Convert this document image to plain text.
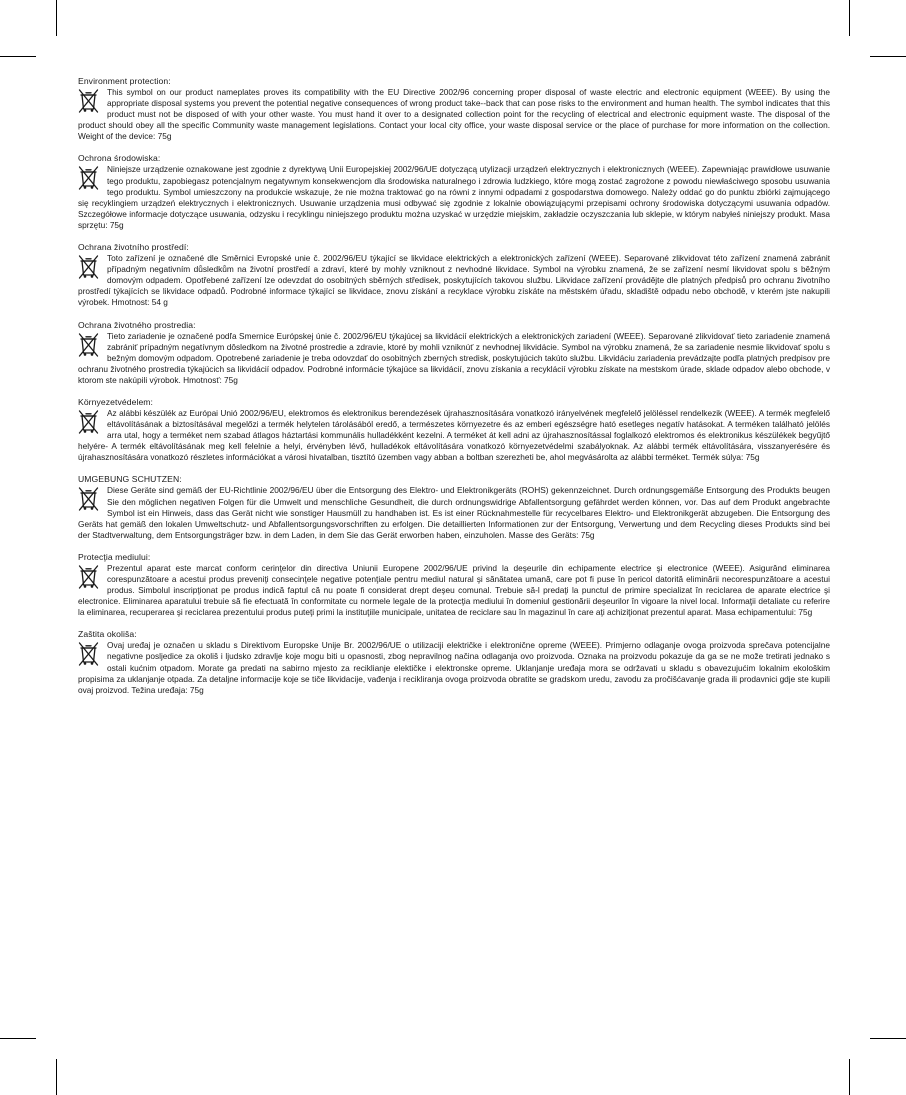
Environment protection:

This symbol on our product nameplates proves its compatibility with the EU Directive 2002/96 concerning proper disposal of waste electric and electronic equipment (WEEE). By using the appropriate disposal systems you prevent the potential negative consequences of wrong product take--back that can pose risks to the environment and human health. The symbol indicates that this product must not be disposed of with your other waste. You must hand it over to a designated collection point for the recycling of electrical and electronic equipment waste. The disposal of the product should obey all the specific Community waste management legislations. Contact your local city office, your waste disposal service or the place of purchase for more information on the collection. Weight of the device: 75g

Ochrona środowiska:

Niniejsze urządzenie oznakowane jest zgodnie z dyrektywą Unii Europejskiej 2002/96/UE dotyczącą utylizacji urządzeń elektrycznych i elektronicznych (WEEE). Zapewniając prawidłowe usuwanie tego produktu, zapobiegasz potencjalnym negatywnym konsekwencjom dla środowiska naturalnego i zdrowia ludzkiego, które mogą zostać zagrożone z powodu niewłaściwego sposobu usuwania tego produktu. Symbol umieszczony na produkcie wskazuje, że nie można traktować go na równi z innymi odpadami z gospodarstwa domowego. Należy oddać go do punktu zbiórki zajmującego się recyklingiem urządzeń elektrycznych i elektronicznych. Usuwanie urządzenia musi odbywać się zgodnie z lokalnie obowiązującymi przepisami ochrony środowiska dotyczącymi usuwania odpadów. Szczegółowe informacje dotyczące usuwania, odzysku i recyklingu niniejszego produktu można uzyskać w urzędzie miejskim, zakładzie oczyszczania lub sklepie, w którym nabyłeś niniejszy produkt. Masa sprzętu: 75g

Ochrana životního prostředí:

Toto zařízení je označené dle Směrnici Evropské unie č. 2002/96/EU týkající se likvidace elektrických a elektronických zařízení (WEEE). Separované zlikvidovat této zařízení znamená zabránit případným negativním důsledkům na životní prostředí a zdraví, které by mohly vzniknout z nevhodné likvidace. Symbol na výrobku znamená, že se zařízení nesmí likvidovat spolu s běžným domovým odpadem. Opotřebené zařízení lze odevzdat do osobitných sběrných středisek, poskytujících takovou službu. Likvidace zařízení provádějte dle platných předpisů pro ochranu životního prostředí týkajících se likvidace odpadů. Podrobné informace týkající se likvidace, znovu získání a recyklace výrobku získáte na městském úřadu, skladiště odpadu nebo obchodě, v kterém jste nakupili výrobek. Hmotnost: 54 g

Ochrana životného prostredia:

Tieto zariadenie je označené podľa Smernice Európskej únie č. 2002/96/EU týkajúcej sa likvidácií elektrických a elektronických zariadení (WEEE). Separované zlikvidovať tieto zariadenie znamená zabrániť prípadným negatívnym dôsledkom na životné prostredie a zdravie, ktoré by mohli vzniknúť z nevhodnej likvidácie. Symbol na výrobku znamená, že sa zariadenie nesmie likvidovať spolu s bežným domovým odpadom. Opotrebené zariadenie je treba odovzdať do osobitných zberných stredisk, poskytujúcich takúto službu. Likvidáciu zariadenia prevádzajte podľa platných predpisov pre ochranu životného prostredia týkajúcich sa likvidácií odpadov. Podrobné informácie týkajúce sa likvidácií, znovu získania a recyklácií výrobku získate na mestskom úrade, sklade odpadov alebo obchode, v ktorom ste nakúpili výrobok. Hmotnosť: 75g

Környezetvédelem:

Az alábbi készülék az Európai Unió 2002/96/EU, elektromos és elektronikus berendezések újrahasznosítására vonatkozó irányelvének megfelelő jelöléssel rendelkezik (WEEE). A termék megfelelő eltávolításának a biztosításával megelőzi a termék helytelen tárolásából eredő, a természetes környezetre és az emberi egészségre ható esetleges negatív hatásokat. A terméken található jelölés arra utal, hogy a terméket nem szabad átlagos háztartási kommunális hulladékként kezelni. A terméket át kell adni az újrahasznosítással foglalkozó elektromos és elektronikus készülékek begyűjtő helyére- A termék eltávolításának meg kell felelnie a helyi, érvényben lévő, hulladékok eltávolítására vonatkozó környezetvédelmi szabályoknak. Az alábbi termék eltávolítására, visszanyerésére és újrahasznosítására vonatkozó részletes információkat a városi hivatalban, tisztító üzemben vagy abban a boltban szerezheti be, ahol megvásárolta az alábbi terméket. Termék súlya: 75g

UMGEBUNG SCHUTZEN:

Diese Geräte sind gemäß der EU-Richtlinie 2002/96/EU über die Entsorgung des Elektro- und Elektronikgeräts (ROHS) gekennzeichnet. Durch ordnungsgemäße Entsorgung des Produkts beugen Sie den möglichen negativen Folgen für die Umwelt und menschliche Gesundheit, die durch ordnungswidrige Abfallentsorgung gefährdet werden können, vor. Das auf dem Produkt angebrachte Symbol ist ein Hinweis, dass das Gerät nicht wie sonstiger Hausmüll zu handhaben ist. Es ist einer Rücknahmestelle für recycelbares Elektro- und Elektronikgerät abzugeben. Die Entsorgung des Geräts hat gemäß den lokalen Umweltschutz- und Abfallentsorgungsvorschriften zu erfolgen. Die detaillierten Informationen zur der Entsorgung, Verwertung und dem Recycling dieses Produkts sind bei der Stadtverwaltung, dem Entsorgungsträger bzw. in dem Laden, in dem Sie das Gerät erworben haben, einzuholen. Masse des Geräts: 75g

Protecţia mediului:

Prezentul aparat este marcat conform cerinţelor din directiva Uniunii Europene 2002/96/UE privind la deşeurile din echipamente electrice şi electronice (WEEE). Asigurând eliminarea corespunzătoare a acestui produs preveniţi consecinţele negative potenţiale pentru mediul natural şi sănătatea umană, care pot fi puse în pericol datorită eliminării necorespunzătoare a acestui produs. Simbolul inscripţionat pe produs indică faptul că nu poate fi considerat drept deşeu comunal. Trebuie să-l predaţi la punctul de primire specializat în reciclarea de aparate electrice şi electronice. Eliminarea aparatului trebuie să fie efectuată în conformitate cu normele legale de la protecţia mediului în domeniul gestionării deşeurilor în vigoare la nivel local. Informaţii detaliate cu referire la eliminarea, recuperarea şi reciclarea prezentului produs puteţi primi la instituţiile municipale, unitatea de reciclare sau în magazinul în care aţi achiziţionat prezentul aparat. Masa echipamentului: 75g

Zaštita okoliša:

Ovaj uređaj je označen u skladu s Direktivom Europske Unije Br. 2002/96/UE o utilizaciji električke i elektronične opreme (WEEE). Primjerno odlaganje ovoga proizvoda sprečava potencijalne negativne posljedice za okoliš i ljudsko zdravlje koje mogu biti u opasnosti, zbog nepravilnog načina odlaganja ovo proizvoda. Oznaka na proizvodu pokazuje da ga se ne može tretirati jednako s ostali kućnim otpadom. Morate ga predati na sabirno mjesto za reciklianje elektičke i elektronske opreme. Uklanjanje uređaja mora se održavati u skladu s obavezujućim lokalnim ekološkim propisima za uklanjanje otpada. Za detaljne informacije koje se tiče likvidacije, vađenja i recikliranja ovoga proizvoda obratite se gradskom uredu, zavodu za pročišćavanje grada ili prodavnici gdje ste kupili ovaj proizvod. Težina uređaja: 75g
